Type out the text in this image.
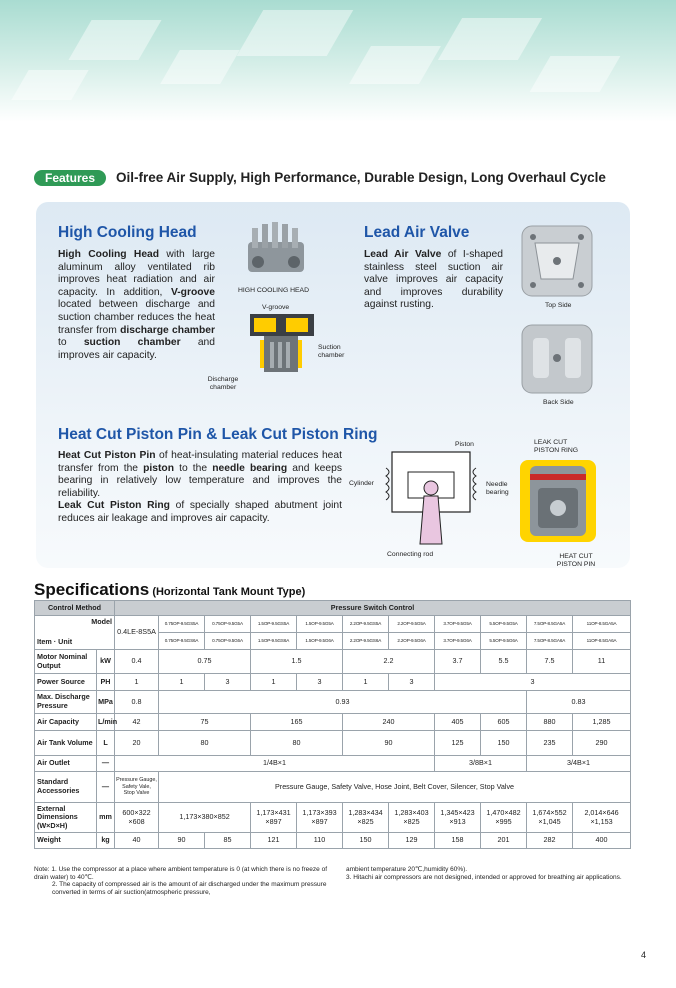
Features	Oil-free Air Supply, High Performance, Durable Design, Long Overhaul Cycle
High Cooling Head
High Cooling Head with large aluminum alloy ventilated rib improves heat radiation and air capacity. In addition, V-groove located between discharge and suction chamber reduces the heat transfer from discharge chamber to suction chamber and improves air capacity.
HIGH COOLING HEAD
V-groove
Suction chamber
Discharge chamber
Lead Air Valve
Lead Air Valve of I-shaped stainless steel suction air valve improves air capacity and improves durability against rusting.	Top Side
Back Side
Heat Cut Piston Pin & Leak Cut Piston Ring
Heat Cut Piston Pin of heat-insulating material reduces heat transfer from the piston to the needle bearing and keeps bearing in relatively low temperature and improves the reliability.
Leak Cut Piston Ring of specially shaped abutment joint reduces air leakage and improves air capacity.
Piston
Cylinder	Needle bearing
Connecting rod
LEAK CUT PISTON RING
HEAT CUT PISTON PIN
Specifications (Horizontal Tank Mount Type)
Control Method		Pressure Switch Control										

Model
Item · Unit		0.4LE-8S5A	0.75OP-9.5GS5A	0.75OP-9.5G5A	1.5OP-9.5GS5A	1.5OP-9.5G5A	2.2OP-9.5GS5A	2.2OP-9.5G5A	3.7OP-9.5G5A	5.5OP-9.5G5A	7.5OP-8.5GA5A	11OP-8.5GA5A
			0.75OP-9.5GS6A	0.75OP-9.5G6A	1.5OP-9.5GS6A	1.5OP-9.5G6A	2.2OP-9.5GS6A	2.2OP-9.5G6A	3.7OP-9.5G6A	5.5OP-9.5G6A	7.5OP-8.5GA6A	11OP-8.5GA6A
Motor Nominal Output	kW	0.4	0.75		1.5		2.2		3.7	5.5	7.5	11
Power Source	PH	1	1	3	1	3	1	3	3			
Max. Discharge Pressure	MPa	0.8	0.93								0.83	
Air Capacity	L/min	42	75		165		240		405	605	880	1,285
Air Tank Volume	L	20	80		80		90		125	150	235	290
Air Outlet	—	1/4B×1							3/8B×1		3/4B×1	
Standard Accessories	—	Pressure Gauge, Safety Vale, Stop Valve	Pressure Gauge, Safety Valve, Hose Joint, Belt Cover, Silencer, Stop Valve									
External Dimensions (W×D×H)	mm	600×322 ×608	1,173×380×852		1,173×431 ×897	1,173×393 ×897	1,283×434 ×825	1,283×403 ×825	1,345×423 ×913	1,470×482 ×995	1,674×552 ×1,045	2,014×646 ×1,153
Weight	kg	40	90	85	121	110	150	129	158	201	282	400
Note: 1. Use the compressor at a place where ambient temperature is 0 (at which there is no freeze of drain water) to 40℃.
2. The capacity of compressed air is the amount of air discharged under the maximum pressure converted in terms of air suction(atmospheric pressure,
ambient temperature 20℃,humidity 60%).
3. Hitachi air compressors are not designed, intended or approved for breathing air applications.
4
